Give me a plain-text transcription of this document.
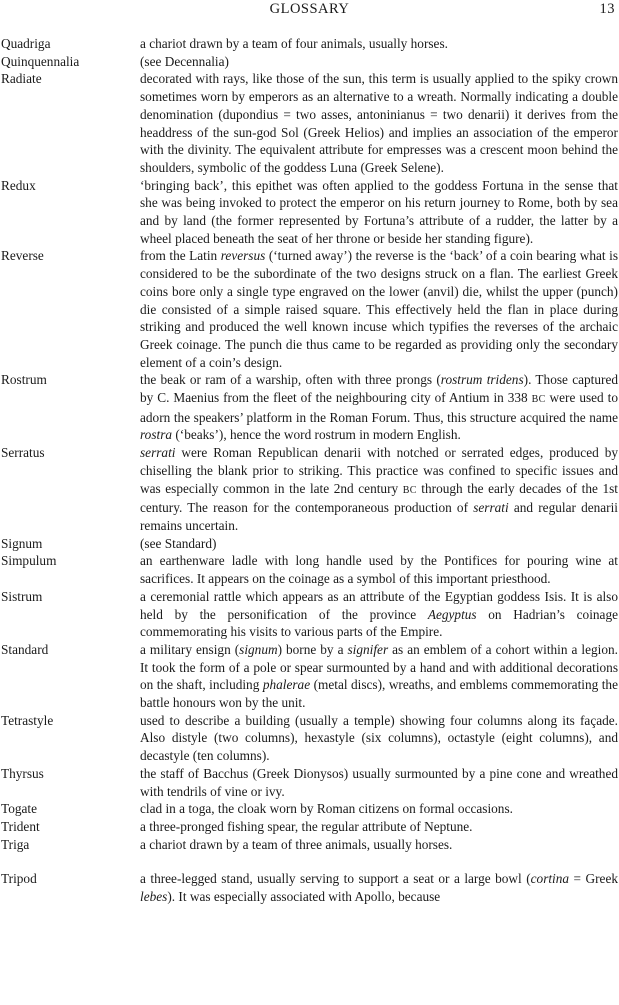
GLOSSARY	13
Quadriga	a chariot drawn by a team of four animals, usually horses.
Quinquennalia	(see Decennalia)
Radiate	decorated with rays, like those of the sun, this term is usually applied to the spiky crown sometimes worn by emperors as an alternative to a wreath. Normally indicating a double denomination (dupondius = two asses, antoninianus = two denarii) it derives from the headdress of the sun-god Sol (Greek Helios) and implies an association of the emperor with the divinity. The equivalent attribute for empresses was a crescent moon behind the shoulders, symbolic of the goddess Luna (Greek Selene).
Redux	‘bringing back’, this epithet was often applied to the goddess Fortuna in the sense that she was being invoked to protect the emperor on his return journey to Rome, both by sea and by land (the former represented by Fortuna’s attribute of a rudder, the latter by a wheel placed beneath the seat of her throne or beside her standing figure).
Reverse	from the Latin reversus (‘turned away’) the reverse is the ‘back’ of a coin bearing what is considered to be the subordinate of the two designs struck on a flan. The earliest Greek coins bore only a single type engraved on the lower (anvil) die, whilst the upper (punch) die consisted of a simple raised square. This effectively held the flan in place during striking and produced the well known incuse which typifies the reverses of the archaic Greek coinage. The punch die thus came to be regarded as providing only the secondary element of a coin’s design.
Rostrum	the beak or ram of a warship, often with three prongs (rostrum tridens). Those captured by C. Maenius from the fleet of the neighbouring city of Antium in 338 BC were used to adorn the speakers’ platform in the Roman Forum. Thus, this structure acquired the name rostra (‘beaks’), hence the word rostrum in modern English.
Serratus	serrati were Roman Republican denarii with notched or serrated edges, produced by chiselling the blank prior to striking. This practice was confined to specific issues and was especially common in the late 2nd century BC through the early decades of the 1st century. The reason for the contemporaneous production of serrati and regular denarii remains uncertain.
Signum	(see Standard)
Simpulum	an earthenware ladle with long handle used by the Pontifices for pouring wine at sacrifices. It appears on the coinage as a symbol of this important priesthood.
Sistrum	a ceremonial rattle which appears as an attribute of the Egyptian goddess Isis. It is also held by the personification of the province Aegyptus on Hadrian’s coinage commemorating his visits to various parts of the Empire.
Standard	a military ensign (signum) borne by a signifer as an emblem of a cohort within a legion. It took the form of a pole or spear surmounted by a hand and with additional decorations on the shaft, including phalerae (metal discs), wreaths, and emblems commemorating the battle honours won by the unit.
Tetrastyle	used to describe a building (usually a temple) showing four columns along its façade. Also distyle (two columns), hexastyle (six columns), octastyle (eight columns), and decastyle (ten columns).
Thyrsus	the staff of Bacchus (Greek Dionysos) usually surmounted by a pine cone and wreathed with tendrils of vine or ivy.
Togate	clad in a toga, the cloak worn by Roman citizens on formal occasions.
Trident	a three-pronged fishing spear, the regular attribute of Neptune.
Triga	a chariot drawn by a team of three animals, usually horses.
Tripod	a three-legged stand, usually serving to support a seat or a large bowl (cortina = Greek lebes). It was especially associated with Apollo, because
